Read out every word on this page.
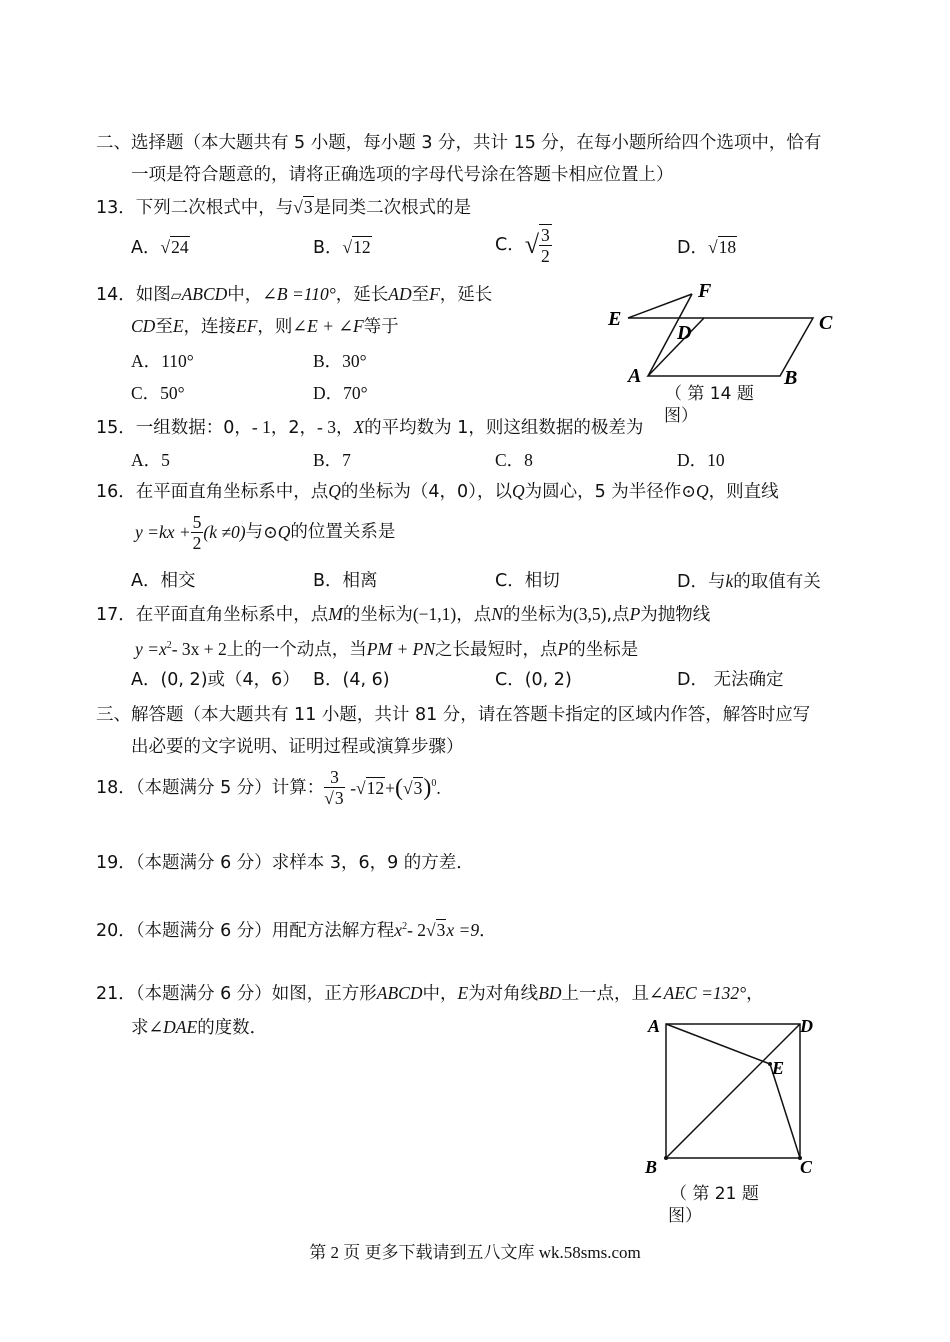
二、选择题（本大题共有 5 小题，每小题 3 分，共计 15 分，在每小题所给四个选项中，恰有
一项是符合题意的，请将正确选项的字母代号涂在答题卡相应位置上）
13．下列二次根式中，与√3是同类二次根式的是
A．√24	B．√12	C．√ $\frac{3}{2}$	D．√18
14．如图▱ABCD中，∠B =110°，延长AD至F，延长
CD至E，连接EF，则∠E + ∠F等于
A．110°	B．30°
C．50°	D．70°
E
F
D	C
A	B
（ 第 14 题
图）
15．一组数据：0，- 1，2，- 3，X的平均数为 1，则这组数据的极差为
A．5	B．7	C．8	D．10
16．在平面直角坐标系中，点Q的坐标为（4，0），以Q为圆心，5 为半径作⊙Q，则直线
$y =kx + \frac{5}{2} (k \ne 0)$与⊙Q的位置关系是
A．相交	B．相离	C．相切	D．与k的取值有关
17．在平面直角坐标系中，点M的坐标为(−1,1)，点N的坐标为(3,5),点P为抛物线
$y =x^2-$ 3x + 2上的一个动点，当PM + PN之长最短时，点P的坐标是
A．(0, 2)或（4，6） B．(4, 6)	C．(0, 2)	D． 无法确定
三、解答题（本大题共有 11 小题，共计 81 分，请在答题卡指定的区域内作答，解答时应写
出必要的文字说明、证明过程或演算步骤）
18．（本题满分 5 分）计算： $\frac{3}{√3} -√12+(√3)^0$.
19．（本题满分 6 分）求样本 3，6，9 的方差．
20．（本题满分 6 分）用配方法解方程$x^2-$ 2√3x =9．
21．（本题满分 6 分）如图，正方形ABCD中，E为对角线BD上一点，且∠AEC =132°，
求∠DAE的度数．	A	D
E
B	C
（ 第 21 题
图）
第 2 页 更多下载请到五八文库 wk.58sms.com
